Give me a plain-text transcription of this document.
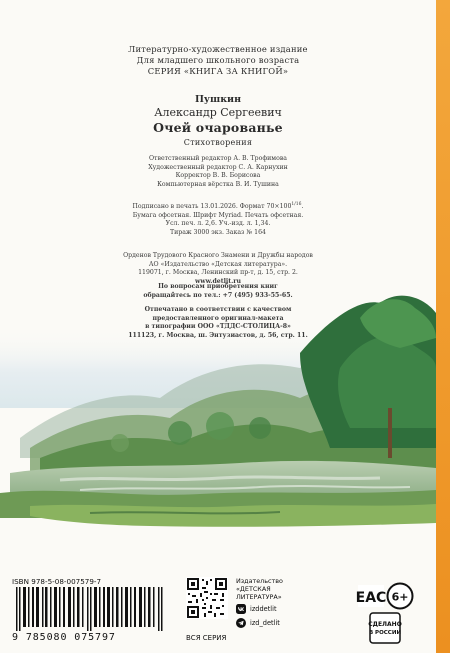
Литературно-художественное издание
Для младшего школьного возраста
СЕРИЯ «КНИГА ЗА КНИГОЙ»
Пушкин
Александр Сергеевич
Очей очарованье
Стихотворения
Ответственный редактор А. В. Трофимова
Художественный редактор С. А. Карнухин
Корректор В. В. Борисова
Компьютерная вёрстка В. И. Тушина
Подписано в печать 13.01.2026. Формат $70\times 100^{1/16}$.
Бумага офсетная. Шрифт Myriad. Печать офсетная.
Усл. печ. л. 2,6. Уч.-изд. л. 1,34.
Тираж 3000 экз. Заказ № 164
Орденов Трудового Красного Знамени и Дружбы народов
АО «Издательство «Детская литература».
119071, г. Москва, Ленинский пр-т, д. 15, стр. 2.
www.detlit.ru
По вопросам приобретения книг
обращайтесь по тел.: +7 (495) 933-55-65.
Отпечатано в соответствии с качеством
предоставленного оригинал-макета
в типографии ООО «ТДДС-СТОЛИЦА-8»
111123, г. Москва, ш. Энтузиастов, д. 56, стр. 11.
ISBN 978-5-08-007579-7
9 785080 075797	ВСЯ СЕРИЯ
Издательство «ДЕТСКАЯ ЛИТЕРАТУРА»
izddetlit
izd_detlit
EAC 6+
СДЕЛАНО
В РОССИИ
